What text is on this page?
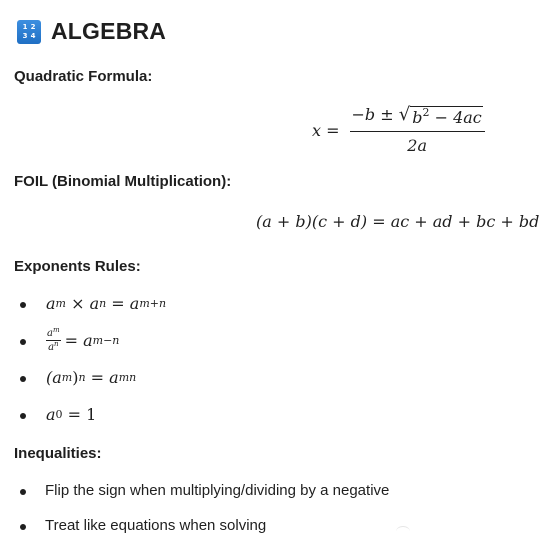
1 2
3 4 ALGEBRA
Quadratic Formula:
$x = \frac{-b \pm √ b^2 - 4ac}{2a}$
FOIL (Binomial Multiplication):
(a + b)(c + d) = ac + ad + bc + bd
Exponents Rules:
a m × a n = a m+n
$\frac{a^m}{a^n} = a$ m−n
(a m ) n = a mn
a 0 = 1
Inequalities:
Flip the sign when multiplying/dividing by a negative
Treat like equations when solving
